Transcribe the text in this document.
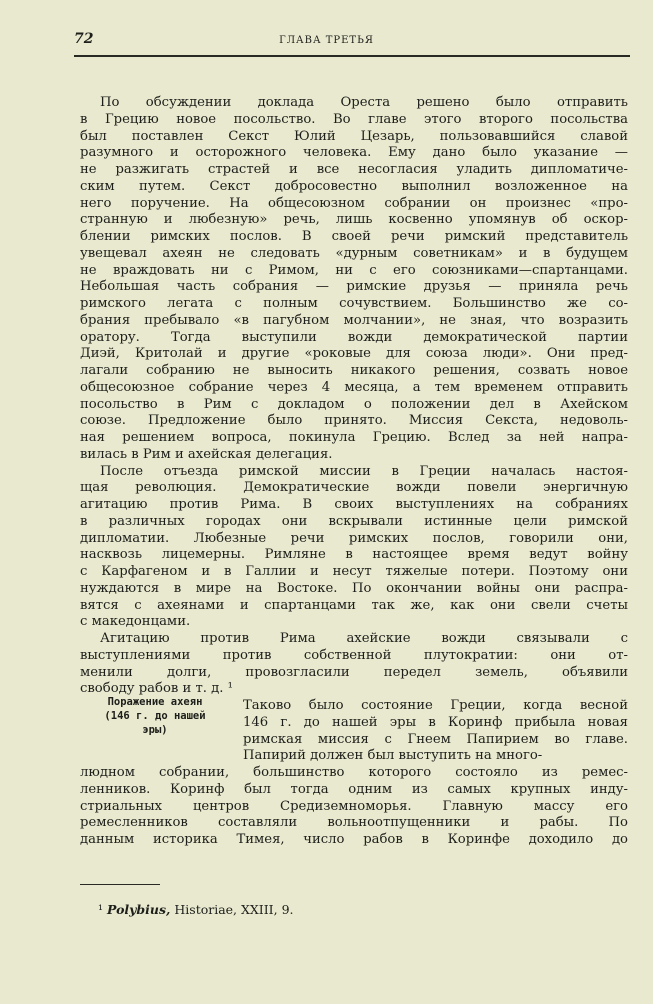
72	ГЛАВА ТРЕТЬЯ
По обсуждении доклада Ореста решено было отправить
в Грецию новое посольство. Во главе этого второго посольства
был поставлен Секст Юлий Цезарь, пользовавшийся славой
разумного и осторожного человека. Ему дано было указание —
не разжигать страстей и все несогласия уладить дипломатиче-
ским путем. Секст добросовестно выполнил возложенное на
него поручение. На общесоюзном собрании он произнес «про-
странную и любезную» речь, лишь косвенно упомянув об оскор-
блении римских послов. В своей речи римский представитель
увещевал ахеян не следовать «дурным советникам» и в будущем
не враждовать ни с Римом, ни с его союзниками—спартанцами.
Небольшая часть собрания — римские друзья — приняла речь
римского легата с полным сочувствием. Большинство же со-
брания пребывало «в пагубном молчании», не зная, что возразить
оратору. Тогда выступили вожди демократической партии
Диэй, Критолай и другие «роковые для союза люди». Они пред-
лагали собранию не выносить никакого решения, созвать новое
общесоюзное собрание через 4 месяца, а тем временем отправить
посольство в Рим с докладом о положении дел в Ахейском
союзе. Предложение было принято. Миссия Секста, недоволь-
ная решением вопроса, покинула Грецию. Вслед за ней напра-
вилась в Рим и ахейская делегация.
После отъезда римской миссии в Греции началась настоя-
щая революция. Демократические вожди повели энергичную
агитацию против Рима. В своих выступлениях на собраниях
в различных городах они вскрывали истинные цели римской
дипломатии. Любезные речи римских послов, говорили они,
насквозь лицемерны. Римляне в настоящее время ведут войну
с Карфагеном и в Галлии и несут тяжелые потери. Поэтому они
нуждаются в мире на Востоке. По окончании войны они распра-
вятся с ахеянами и спартанцами так же, как они свели счеты
с македонцами.
Агитацию против Рима ахейские вожди связывали с
выступлениями против собственной плутократии: они от-
менили долги, провозгласили передел земель, объявили
свободу рабов и т. д. ¹
Таково было состояние Греции, когда весной
146 г. до нашей эры в Коринф прибыла новая
римская миссия с Гнеем Папирием во главе.
Папирий должен был выступить на много-
людном собрании, большинство которого состояло из ремес-
ленников. Коринф был тогда одним из самых крупных инду-
стриальных центров Средиземноморья. Главную массу его
ремесленников составляли вольноотпущенники и рабы. По
данным историка Тимея, число рабов в Коринфе доходило до
Поражение ахеян
(146 г. до нашей
эры)
¹ Polybius, Historiae, XXIII, 9.
